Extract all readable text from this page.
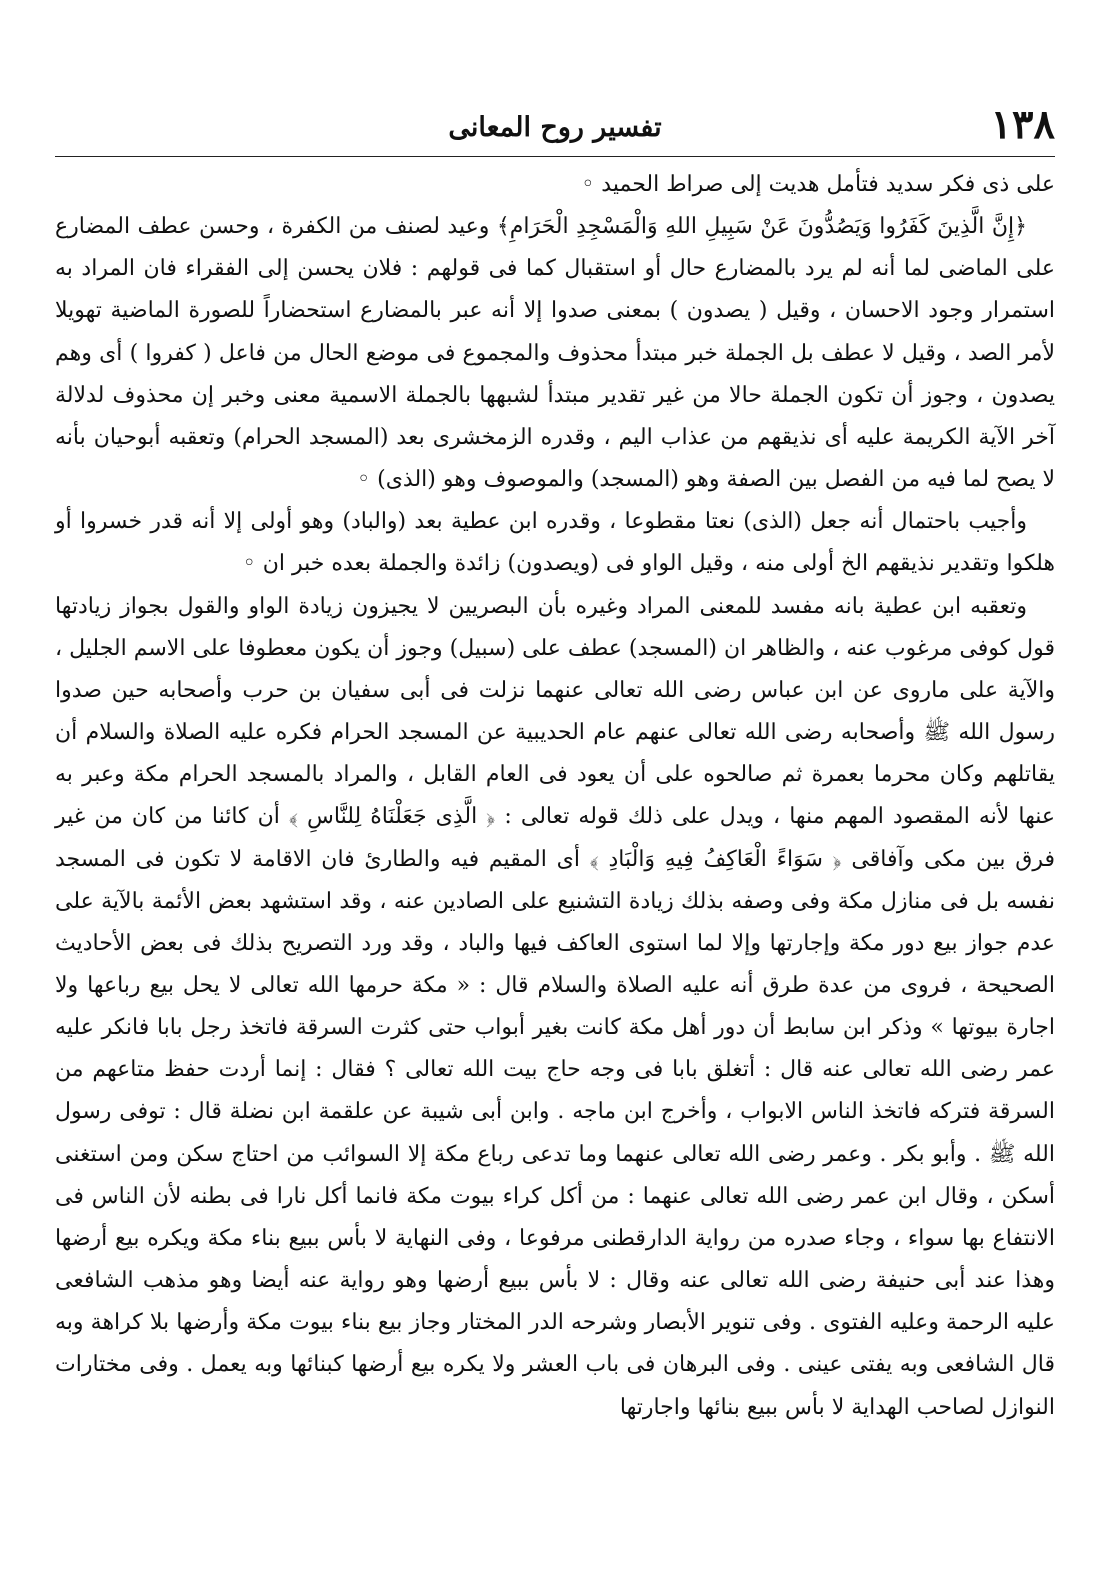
١٣٨
تفسير روح المعانى

على ذى فكر سديد فتأمل هديت إلى صراط الحميد ◦

﴿إِنَّ الَّذِينَ كَفَرُوا وَيَصُدُّونَ عَنْ سَبِيلِ اللهِ وَالْمَسْجِدِ الْحَرَامِ﴾ وعيد لصنف من الكفرة ، وحسن عطف المضارع على الماضى لما أنه لم يرد بالمضارع حال أو استقبال كما فى قولهم : فلان يحسن إلى الفقراء فان المراد به استمرار وجود الاحسان ، وقيل ( يصدون ) بمعنى صدوا إلا أنه عبر بالمضارع استحضاراً للصورة الماضية تهويلا لأمر الصد ، وقيل لا عطف بل الجملة خبر مبتدأ محذوف والمجموع فى موضع الحال من فاعل ( كفروا ) أى وهم يصدون ، وجوز أن تكون الجملة حالا من غير تقدير مبتدأ لشبهها بالجملة الاسمية معنى وخبر إن محذوف لدلالة آخر الآية الكريمة عليه أى نذيقهم من عذاب اليم ، وقدره الزمخشرى بعد (المسجد الحرام) وتعقبه أبوحيان بأنه لا يصح لما فيه من الفصل بين الصفة وهو (المسجد) والموصوف وهو (الذى) ◦

وأجيب باحتمال أنه جعل (الذى) نعتا مقطوعا ، وقدره ابن عطية بعد (والباد) وهو أولى إلا أنه قدر خسروا أو هلكوا وتقدير نذيقهم الخ أولى منه ، وقيل الواو فى (ويصدون) زائدة والجملة بعده خبر ان ◦

وتعقبه ابن عطية بانه مفسد للمعنى المراد وغيره بأن البصريين لا يجيزون زيادة الواو والقول بجواز زيادتها قول كوفى مرغوب عنه ، والظاهر ان (المسجد) عطف على (سبيل) وجوز أن يكون معطوفا على الاسم الجليل ، والآية على ماروى عن ابن عباس رضى الله تعالى عنهما نزلت فى أبى سفيان بن حرب وأصحابه حين صدوا رسول الله ﷺ وأصحابه رضى الله تعالى عنهم عام الحديبية عن المسجد الحرام فكره عليه الصلاة والسلام أن يقاتلهم وكان محرما بعمرة ثم صالحوه على أن يعود فى العام القابل ، والمراد بالمسجد الحرام مكة وعبر به عنها لأنه المقصود المهم منها ، ويدل على ذلك قوله تعالى : ﴿ الَّذِى جَعَلْنَاهُ لِلنَّاسِ ﴾ أن كائنا من كان من غير فرق بين مكى وآفاقى ﴿ سَوَاءً الْعَاكِفُ فِيهِ وَالْبَادِ ﴾ أى المقيم فيه والطارئ فان الاقامة لا تكون فى المسجد نفسه بل فى منازل مكة وفى وصفه بذلك زيادة التشنيع على الصادين عنه ، وقد استشهد بعض الأئمة بالآية على عدم جواز بيع دور مكة وإجارتها وإلا لما استوى العاكف فيها والباد ، وقد ورد التصريح بذلك فى بعض الأحاديث الصحيحة ، فروى من عدة طرق أنه عليه الصلاة والسلام قال : « مكة حرمها الله تعالى لا يحل بيع رباعها ولا اجارة بيوتها » وذكر ابن سابط أن دور أهل مكة كانت بغير أبواب حتى كثرت السرقة فاتخذ رجل بابا فانكر عليه عمر رضى الله تعالى عنه قال : أتغلق بابا فى وجه حاج بيت الله تعالى ؟ فقال : إنما أردت حفظ متاعهم من السرقة فتركه فاتخذ الناس الابواب ، وأخرج ابن ماجه . وابن أبى شيبة عن علقمة ابن نضلة قال : توفى رسول الله ﷺ . وأبو بكر . وعمر رضى الله تعالى عنهما وما تدعى رباع مكة إلا السوائب من احتاج سكن ومن استغنى أسكن ، وقال ابن عمر رضى الله تعالى عنهما : من أكل كراء بيوت مكة فانما أكل نارا فى بطنه لأن الناس فى الانتفاع بها سواء ، وجاء صدره من رواية الدارقطنى مرفوعا ، وفى النهاية لا بأس ببيع بناء مكة ويكره بيع أرضها وهذا عند أبى حنيفة رضى الله تعالى عنه وقال : لا بأس ببيع أرضها وهو رواية عنه أيضا وهو مذهب الشافعى عليه الرحمة وعليه الفتوى . وفى تنوير الأبصار وشرحه الدر المختار وجاز بيع بناء بيوت مكة وأرضها بلا كراهة وبه قال الشافعى وبه يفتى عينى . وفى البرهان فى باب العشر ولا يكره بيع أرضها كبنائها وبه يعمل . وفى مختارات النوازل لصاحب الهداية لا بأس ببيع بنائها واجارتها
